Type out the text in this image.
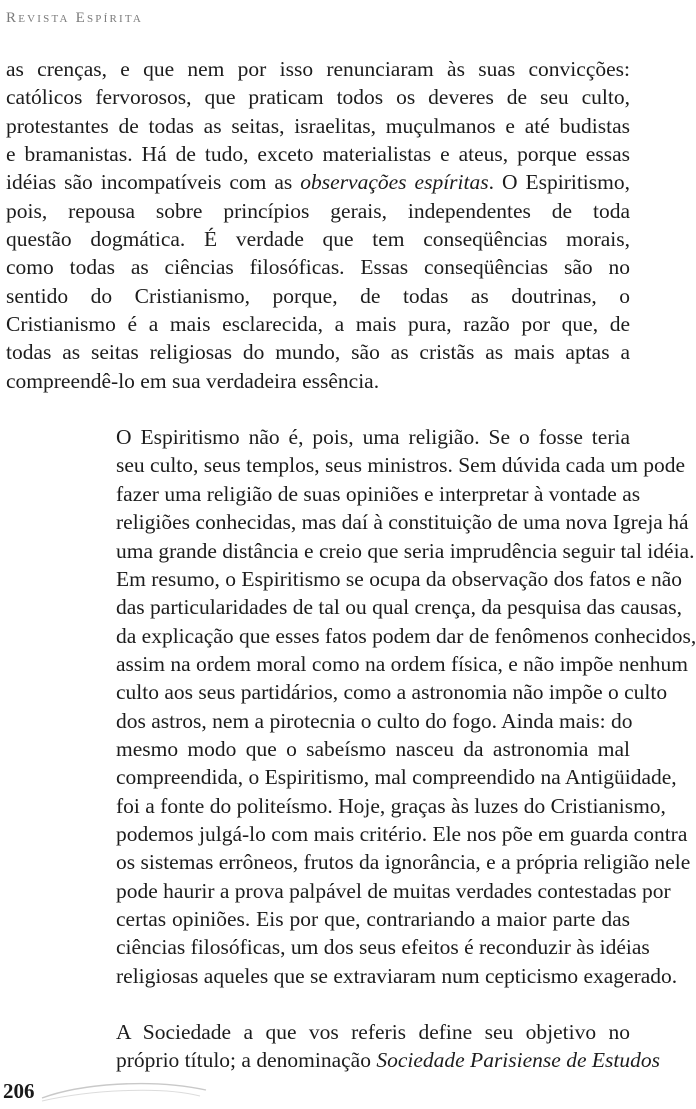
Revista Espírita

as crenças, e que nem por isso renunciaram às suas convicções:
católicos fervorosos, que praticam todos os deveres de seu culto,
protestantes de todas as seitas, israelitas, muçulmanos e até budistas
e bramanistas. Há de tudo, exceto materialistas e ateus, porque essas
idéias são incompatíveis com as observações espíritas. O Espiritismo,
pois, repousa sobre princípios gerais, independentes de toda
questão dogmática. É verdade que tem conseqüências morais,
como todas as ciências filosóficas. Essas conseqüências são no
sentido do Cristianismo, porque, de todas as doutrinas, o
Cristianismo é a mais esclarecida, a mais pura, razão por que, de
todas as seitas religiosas do mundo, são as cristãs as mais aptas a
compreendê-lo em sua verdadeira essência.

O Espiritismo não é, pois, uma religião. Se o fosse teria
seu culto, seus templos, seus ministros. Sem dúvida cada um pode
fazer uma religião de suas opiniões e interpretar à vontade as
religiões conhecidas, mas daí à constituição de uma nova Igreja há
uma grande distância e creio que seria imprudência seguir tal idéia.
Em resumo, o Espiritismo se ocupa da observação dos fatos e não
das particularidades de tal ou qual crença, da pesquisa das causas,
da explicação que esses fatos podem dar de fenômenos conhecidos,
assim na ordem moral como na ordem física, e não impõe nenhum
culto aos seus partidários, como a astronomia não impõe o culto
dos astros, nem a pirotecnia o culto do fogo. Ainda mais: do
mesmo modo que o sabeísmo nasceu da astronomia mal
compreendida, o Espiritismo, mal compreendido na Antigüidade,
foi a fonte do politeísmo. Hoje, graças às luzes do Cristianismo,
podemos julgá-lo com mais critério. Ele nos põe em guarda contra
os sistemas errôneos, frutos da ignorância, e a própria religião nele
pode haurir a prova palpável de muitas verdades contestadas por
certas opiniões. Eis por que, contrariando a maior parte das
ciências filosóficas, um dos seus efeitos é reconduzir às idéias
religiosas aqueles que se extraviaram num cepticismo exagerado.

A Sociedade a que vos referis define seu objetivo no
próprio título; a denominação Sociedade Parisiense de Estudos

206
